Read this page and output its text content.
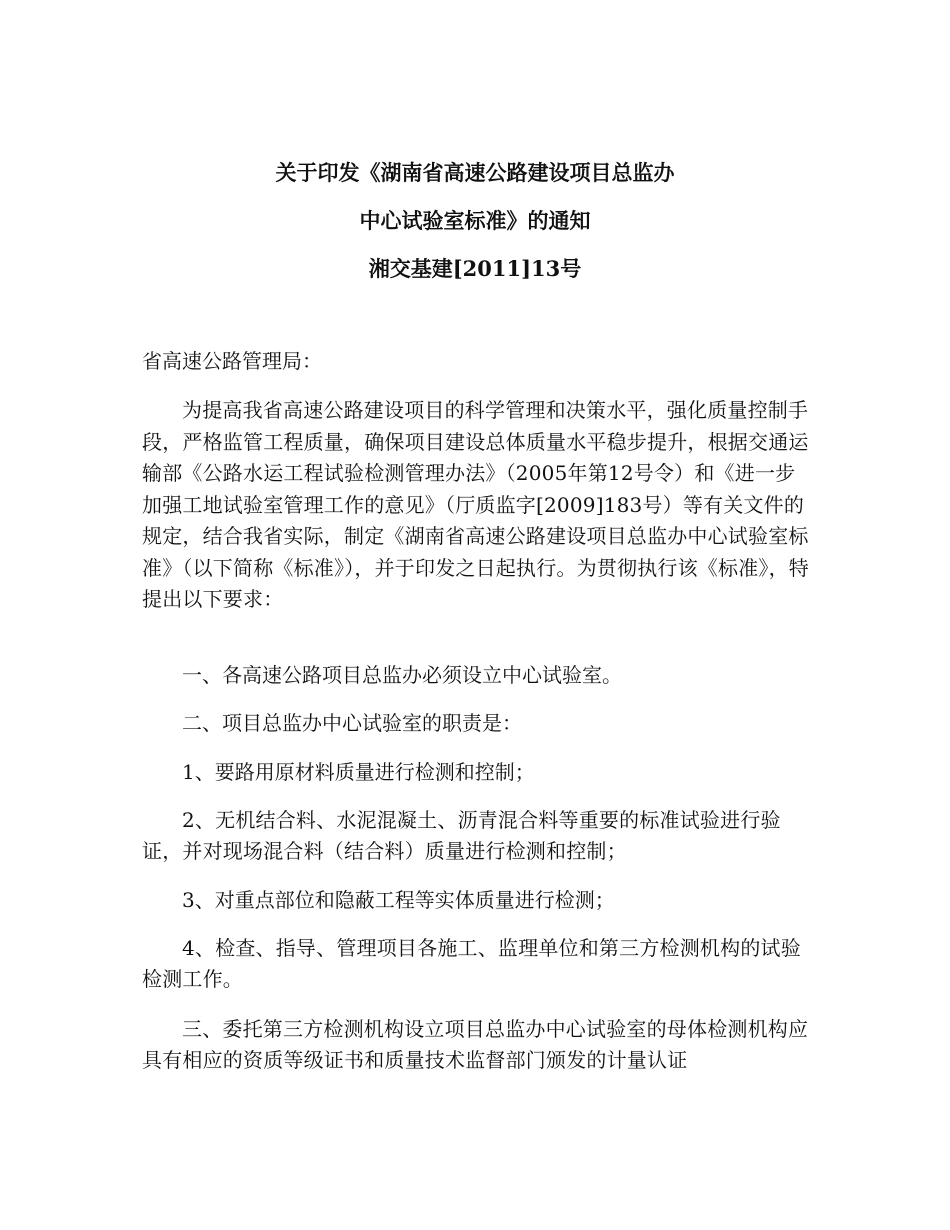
关于印发《湖南省高速公路建设项目总监办
中心试验室标准》的通知
湘交基建[2011]13号
省高速公路管理局：

为提高我省高速公路建设项目的科学管理和决策水平，强化质量控制手段，严格监管工程质量，确保项目建设总体质量水平稳步提升，根据交通运输部《公路水运工程试验检测管理办法》（2005年第12号令）和《进一步加强工地试验室管理工作的意见》（厅质监字[2009]183号）等有关文件的规定，结合我省实际，制定《湖南省高速公路建设项目总监办中心试验室标准》（以下简称《标准》），并于印发之日起执行。为贯彻执行该《标准》，特提出以下要求：

一、各高速公路项目总监办必须设立中心试验室。

二、项目总监办中心试验室的职责是：

1、要路用原材料质量进行检测和控制；

2、无机结合料、水泥混凝土、沥青混合料等重要的标准试验进行验证，并对现场混合料（结合料）质量进行检测和控制；

3、对重点部位和隐蔽工程等实体质量进行检测；

4、检查、指导、管理项目各施工、监理单位和第三方检测机构的试验检测工作。

三、委托第三方检测机构设立项目总监办中心试验室的母体检测机构应具有相应的资质等级证书和质量技术监督部门颁发的计量认证
